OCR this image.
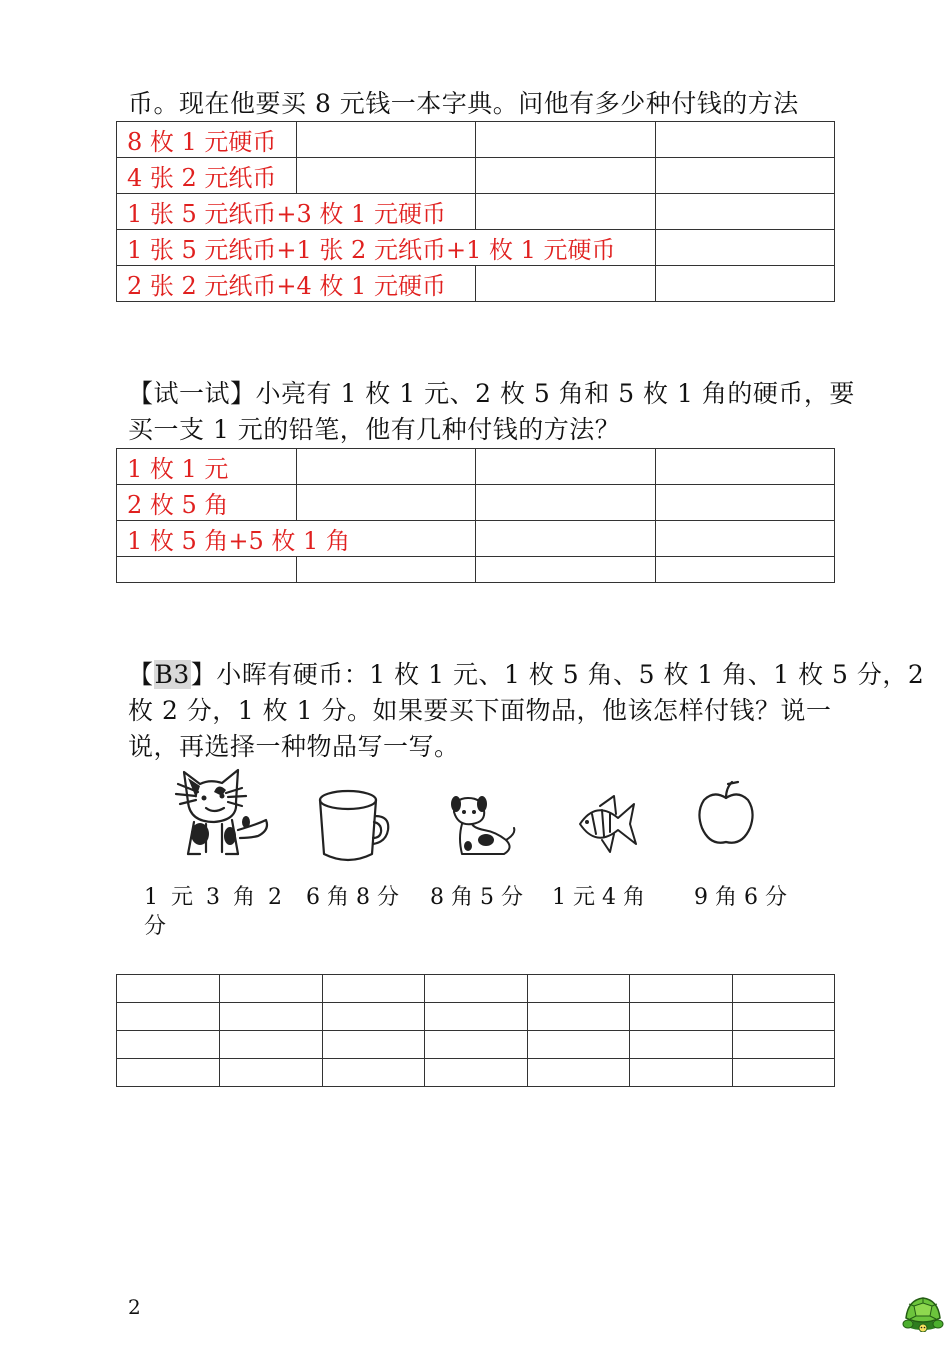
币。现在他要买 8 元钱一本字典。问他有多少种付钱的方法
8 枚 1 元硬币			
4 张 2 元纸币			
1 张 5 元纸币+3 枚 1 元硬币			
1 张 5 元纸币+1 张 2 元纸币+1 枚 1 元硬币			
2 张 2 元纸币+4 枚 1 元硬币			
【试一试】小亮有 1 枚 1 元、2 枚 5 角和 5 枚 1 角的硬币，要
买一支 1 元的铅笔，他有几种付钱的方法？
1 枚 1 元			
2 枚 5 角			
1 枚 5 角+5 枚 1 角			

【B3】小晖有硬币：1 枚 1 元、1 枚 5 角、5 枚 1 角、1 枚 5 分，2
枚 2 分，1 枚 1 分。如果要买下面物品，他该怎样付钱？说一
说，再选择一种物品写一写。
1 元 3 角 2
分
6 角 8 分 8 角 5 分 1 元 4 角 9 角 6 分

2
